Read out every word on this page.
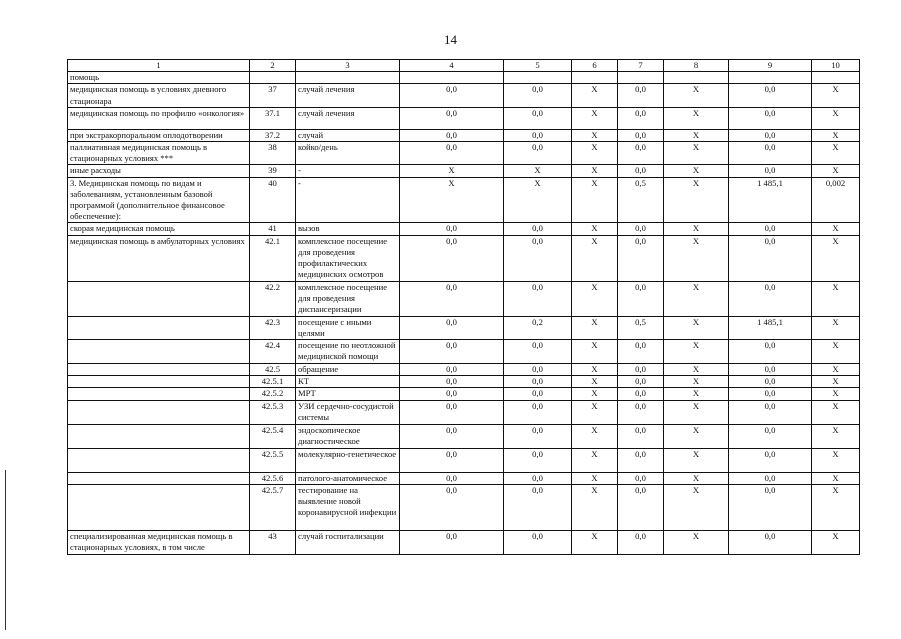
14
1	2	3	4	5	6	7	8	9	10
помощь									
медицинская помощь в условиях дневного стационара	37	случай лечения	0,0	0,0	X	0,0	X	0,0	X
медицинская помощь по профилю «онкология»	37.1	случай лечения	0,0	0,0	X	0,0	X	0,0	X
при экстракорпоральном оплодотворении	37.2	случай	0,0	0,0	X	0,0	X	0,0	X
паллиативная медицинская помощь в стационарных условиях ***	38	койко/день	0,0	0,0	X	0,0	X	0,0	X
иные расходы	39	-	X	X	X	0,0	X	0,0	X
3. Медицинская помощь по видам и заболеваниям, установленным базовой программой (дополнительное финансовое обеспечение):	40	-	X	X	X	0,5	X	1 485,1	0,002
скорая медицинская помощь	41	вызов	0,0	0,0	X	0,0	X	0,0	X
медицинская помощь в амбулаторных условиях	42.1	комплексное посещение для проведения профилактических медицинских осмотров	0,0	0,0	X	0,0	X	0,0	X
	42.2	комплексное посещение для проведения диспансеризации	0,0	0,0	X	0,0	X	0,0	X
	42.3	посещение с иными целями	0,0	0,2	X	0,5	X	1 485,1	X
	42.4	посещение по неотложной медицинской помощи	0,0	0,0	X	0,0	X	0,0	X
	42.5	обращение	0,0	0,0	X	0,0	X	0,0	X
	42.5.1	КТ	0,0	0,0	X	0,0	X	0,0	X
	42.5.2	МРТ	0,0	0,0	X	0,0	X	0,0	X
	42.5.3	УЗИ сердечно-сосудистой системы	0,0	0,0	X	0,0	X	0,0	X
	42.5.4	эндоскопическое диагностическое	0,0	0,0	X	0,0	X	0,0	X
	42.5.5	молекулярно-генетическое	0,0	0,0	X	0,0	X	0,0	X
	42.5.6	патолого-анатомическое	0,0	0,0	X	0,0	X	0,0	X
	42.5.7	тестирование на выявление новой коронавирусной инфекции	0,0	0,0	X	0,0	X	0,0	X
специализированная медицинская помощь в стационарных условиях, в том числе	43	случай госпитализации	0,0	0,0	X	0,0	X	0,0	X
